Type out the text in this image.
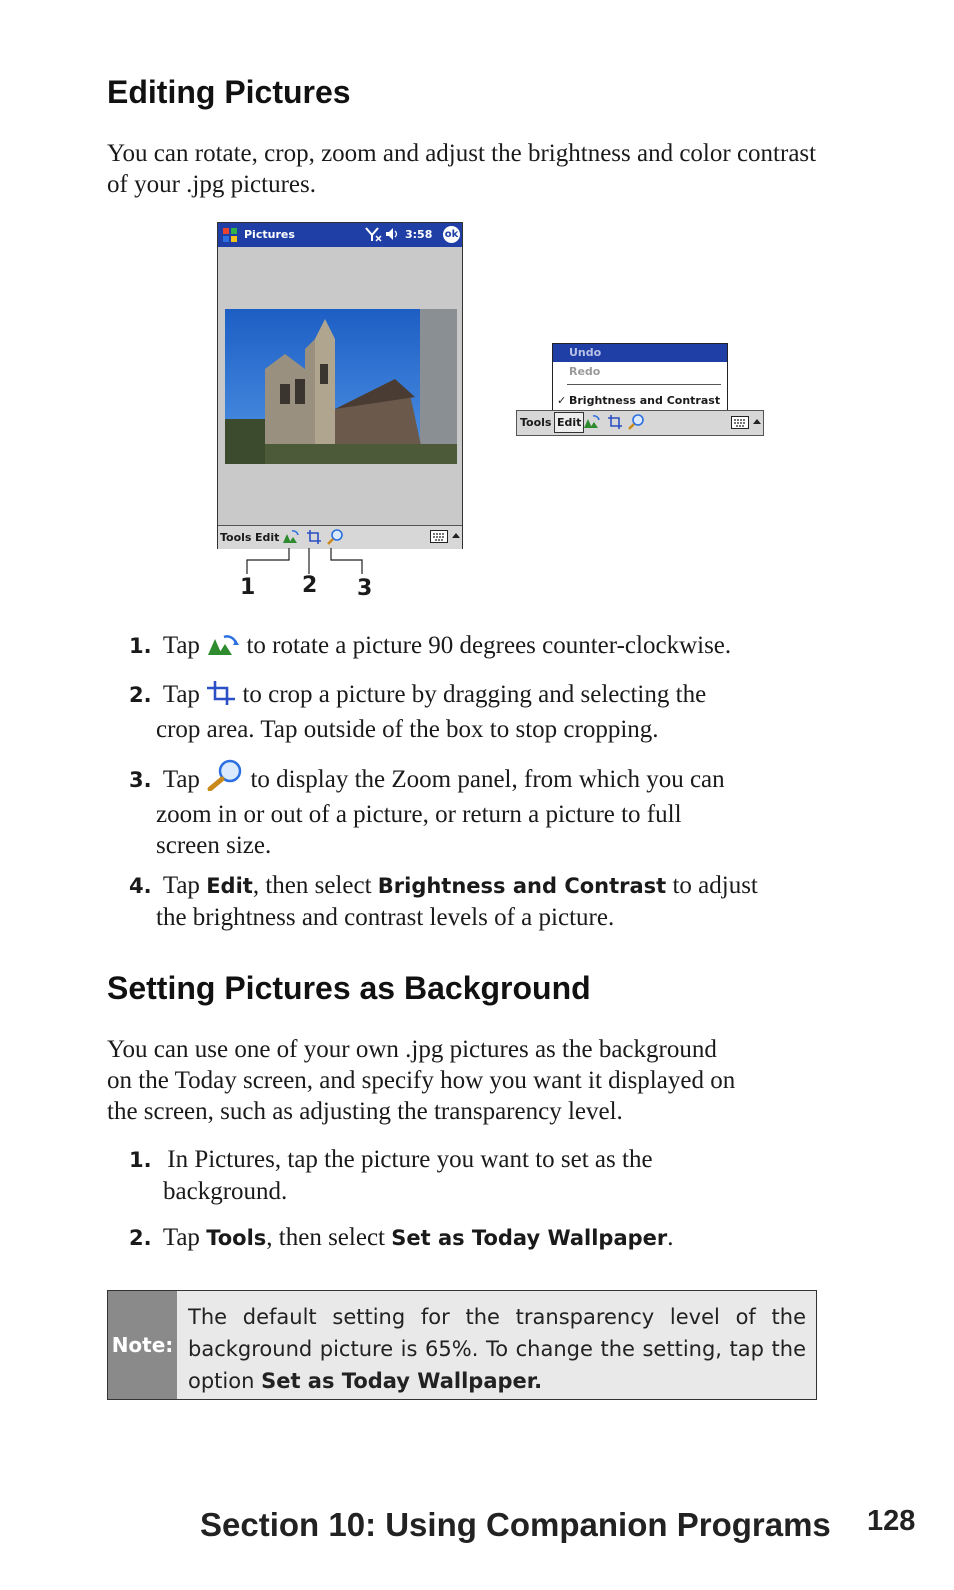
Editing Pictures
You can rotate, crop, zoom and adjust the brightness and color contrast of your .jpg pictures.
Pictures	3:58 ok
Tools Edit
1 2 3
Undo
Redo
✓ Brightness and Contrast
Tools Edit
1. Tap to rotate a picture 90 degrees counter-clockwise.
2. Tap to crop a picture by dragging and selecting the
crop area. Tap outside of the box to stop cropping.
3. Tap to display the Zoom panel, from which you can
zoom in or out of a picture, or return a picture to full
screen size.
4. Tap Edit, then select Brightness and Contrast to adjust
the brightness and contrast levels of a picture.
Setting Pictures as Background
You can use one of your own .jpg pictures as the background
on the Today screen, and specify how you want it displayed on
the screen, such as adjusting the transparency level.
1. In Pictures, tap the picture you want to set as the
background.
2. Tap Tools, then select Set as Today Wallpaper.
Note:
The default setting for the transparency level of the background picture is 65%. To change the setting, tap the option Set as Today Wallpaper.
Section 10: Using Companion Programs 128
